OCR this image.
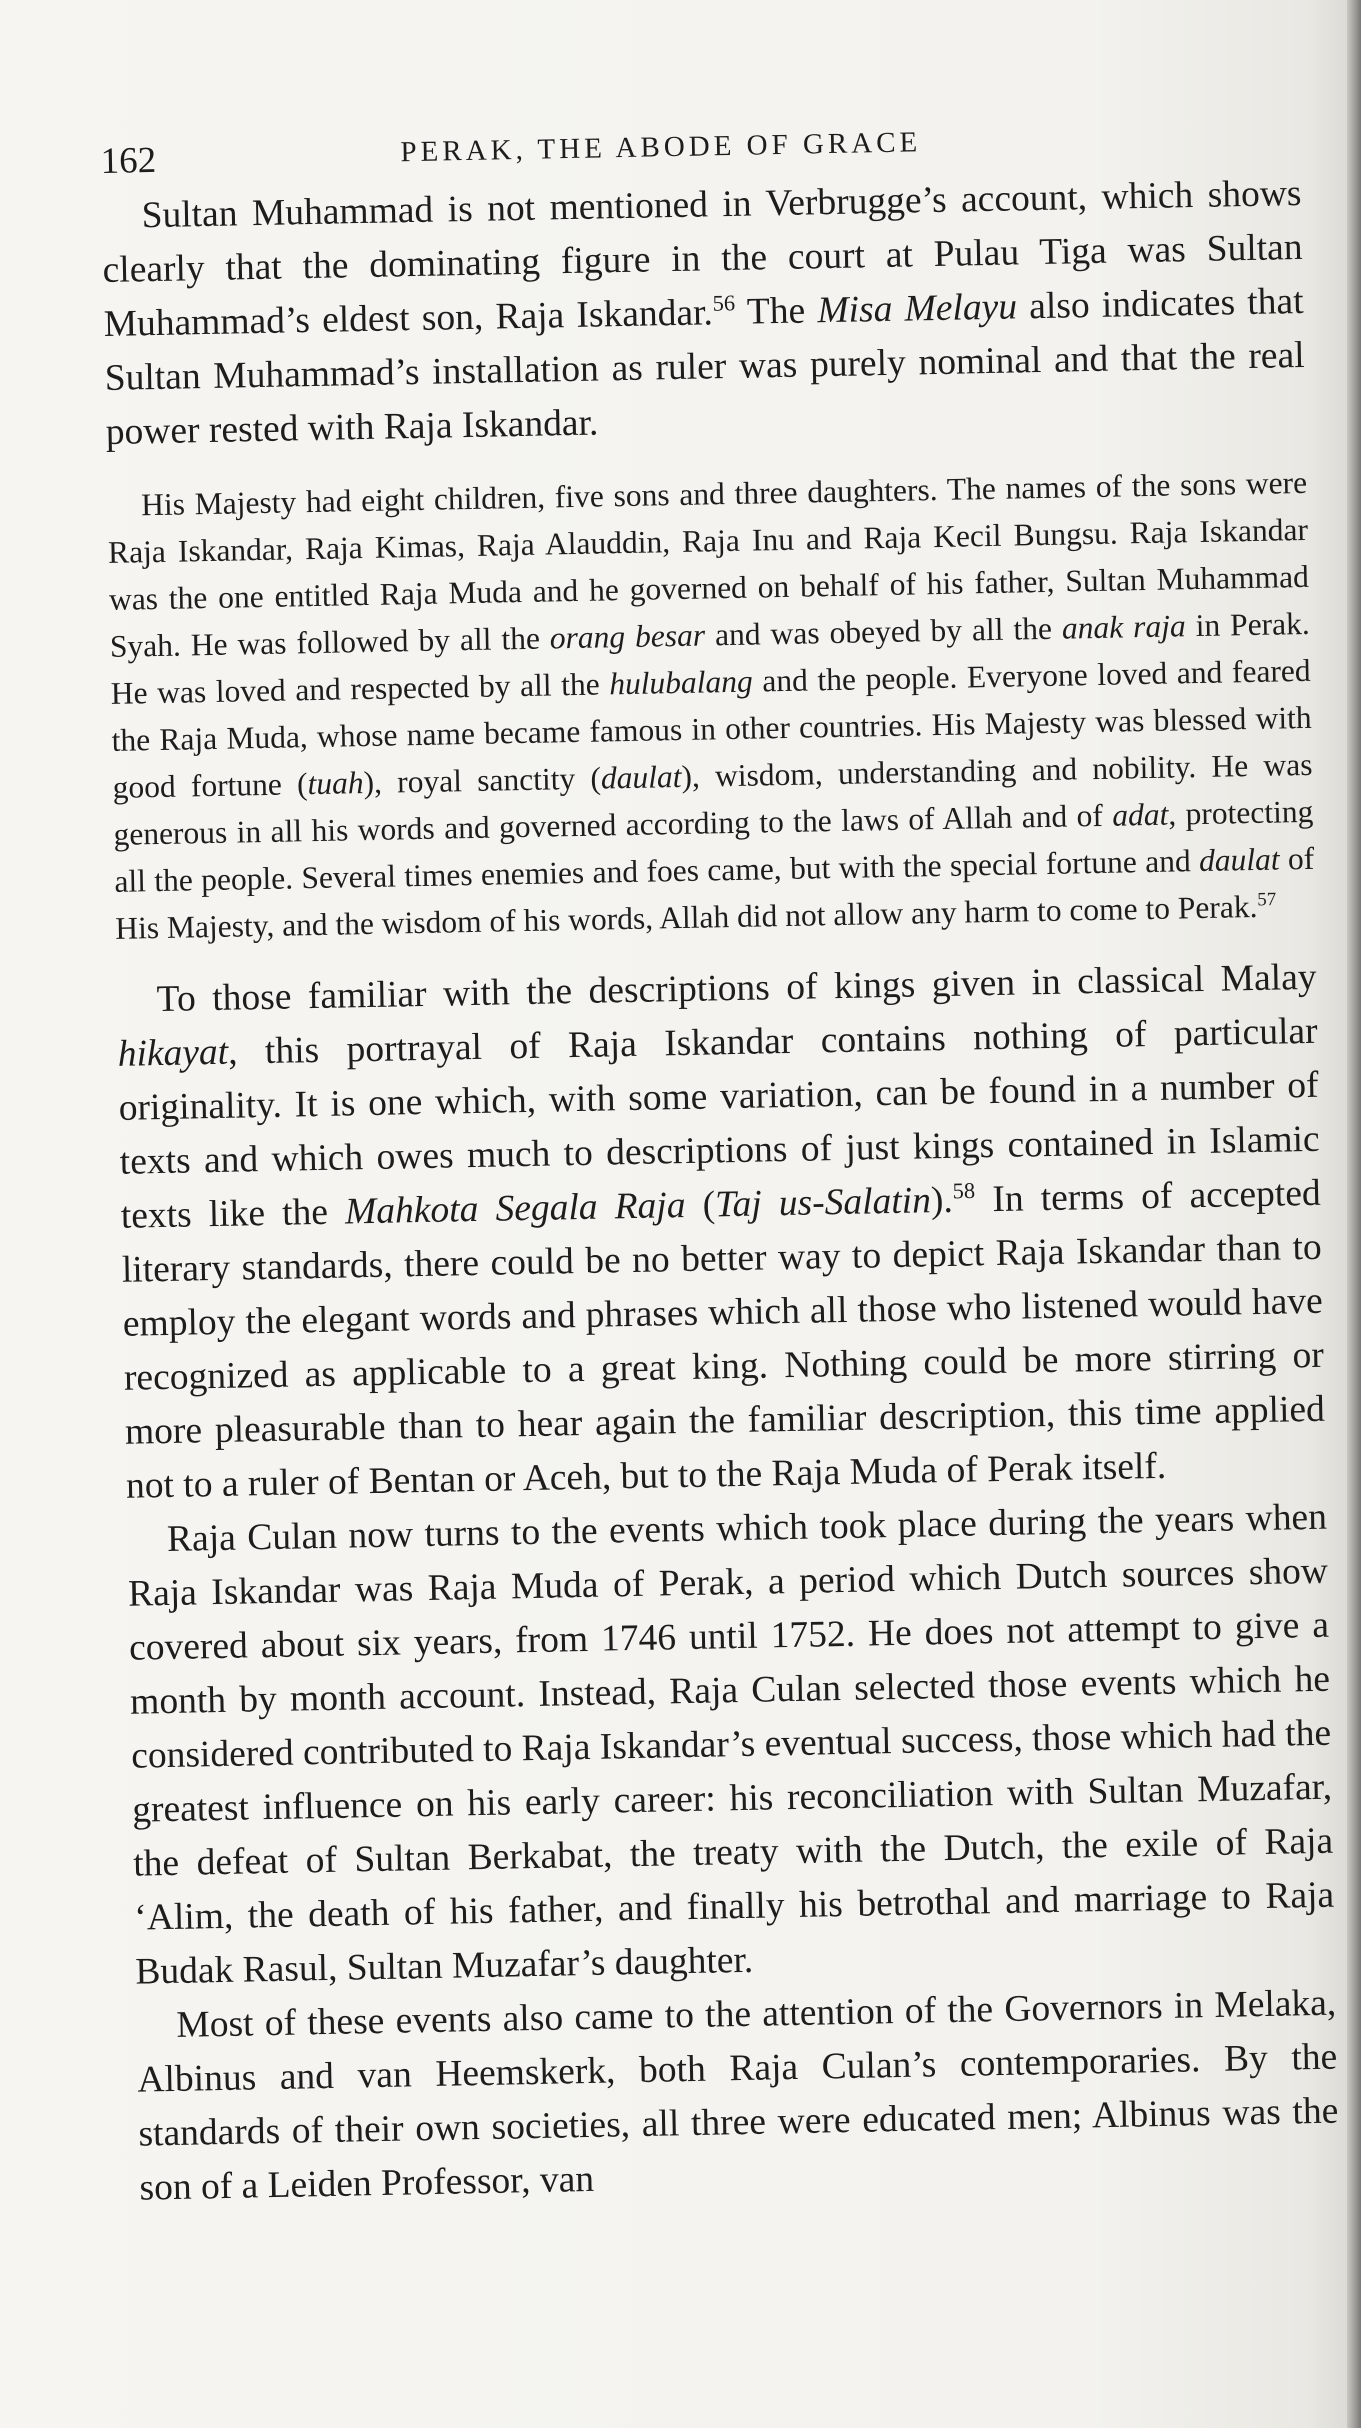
162	PERAK, THE ABODE OF GRACE

Sultan Muhammad is not mentioned in Verbrugge’s account, which shows clearly that the dominating figure in the court at Pulau Tiga was Sultan Muhammad’s eldest son, Raja Iskandar.$^{56}$ The Misa Melayu also indicates that Sultan Muhammad’s installation as ruler was purely nominal and that the real power rested with Raja Iskandar.

His Majesty had eight children, five sons and three daughters. The names of the sons were Raja Iskandar, Raja Kimas, Raja Alauddin, Raja Inu and Raja Kecil Bungsu. Raja Iskandar was the one entitled Raja Muda and he governed on behalf of his father, Sultan Muhammad Syah. He was followed by all the orang besar and was obeyed by all the anak raja in Perak. He was loved and respected by all the hulubalang and the people. Everyone loved and feared the Raja Muda, whose name became famous in other countries. His Majesty was blessed with good fortune (tuah), royal sanctity (daulat), wisdom, understanding and nobility. He was generous in all his words and governed according to the laws of Allah and of adat, protecting all the people. Several times enemies and foes came, but with the special fortune and daulat of His Majesty, and the wisdom of his words, Allah did not allow any harm to come to Perak.$^{57}$

To those familiar with the descriptions of kings given in classical Malay hikayat, this portrayal of Raja Iskandar contains nothing of particular originality. It is one which, with some variation, can be found in a number of texts and which owes much to descriptions of just kings contained in Islamic texts like the Mahkota Segala Raja (Taj us-Salatin).$^{58}$ In terms of accepted literary standards, there could be no better way to depict Raja Iskandar than to employ the elegant words and phrases which all those who listened would have recognized as applicable to a great king. Nothing could be more stirring or more pleasurable than to hear again the familiar description, this time applied not to a ruler of Bentan or Aceh, but to the Raja Muda of Perak itself.

Raja Culan now turns to the events which took place during the years when Raja Iskandar was Raja Muda of Perak, a period which Dutch sources show covered about six years, from 1746 until 1752. He does not attempt to give a month by month account. Instead, Raja Culan selected those events which he considered contributed to Raja Iskandar’s eventual success, those which had the greatest influence on his early career: his reconciliation with Sultan Muzafar, the defeat of Sultan Berkabat, the treaty with the Dutch, the exile of Raja ‘Alim, the death of his father, and finally his betrothal and marriage to Raja Budak Rasul, Sultan Muzafar’s daughter.

Most of these events also came to the attention of the Governors in Melaka, Albinus and van Heemskerk, both Raja Culan’s contemporaries. By the standards of their own societies, all three were educated men; Albinus was the son of a Leiden Professor, van
